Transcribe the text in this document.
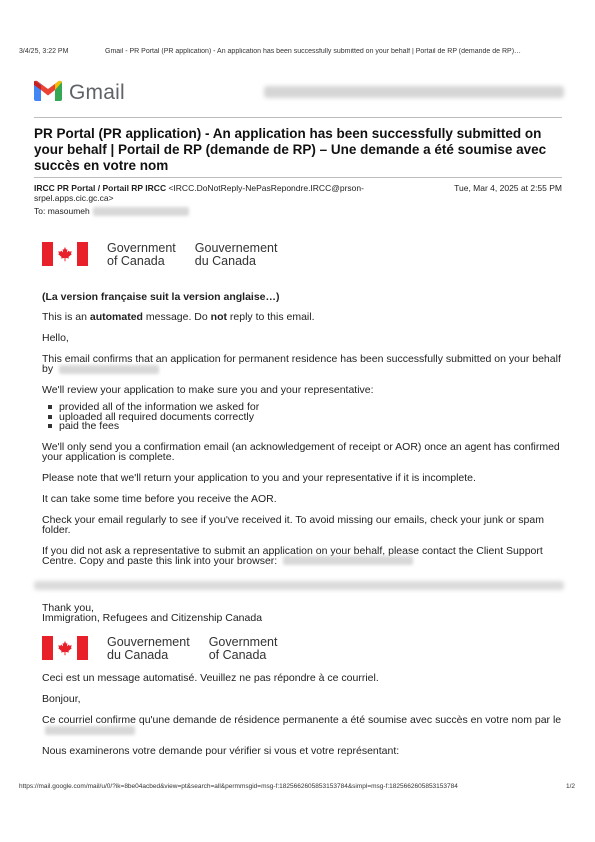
3/4/25, 3:22 PM	Gmail - PR Portal (PR application) - An application has been successfully submitted on your behalf | Portail de RP (demande de RP)…
Gmail
PR Portal (PR application) - An application has been successfully submitted on your behalf | Portail de RP (demande de RP) – Une demande a été soumise avec succès en votre nom
IRCC PR Portal / Portail RP IRCC <IRCC.DoNotReply-NePasRepondre.IRCC@prson-srpel.apps.cic.gc.ca>
Tue, Mar 4, 2025 at 2:55 PM
To:
masoumeh
Government
of Canada
Gouvernement
du Canada

(La version française suit la version anglaise…)

This is an automated message. Do not reply to this email.

Hello,

This email confirms that an application for permanent residence has been successfully submitted on your behalf by

We'll review your application to make sure you and your representative:

provided all of the information we asked for
uploaded all required documents correctly
paid the fees

We'll only send you a confirmation email (an acknowledgement of receipt or AOR) once an agent has confirmed your application is complete.

Please note that we'll return your application to you and your representative if it is incomplete.

It can take some time before you receive the AOR.

Check your email regularly to see if you've received it. To avoid missing our emails, check your junk or spam folder.

If you did not ask a representative to submit an application on your behalf, please contact the Client Support Centre. Copy and paste this link into your browser:

Thank you,

Immigration, Refugees and Citizenship Canada

Gouvernement
du Canada
Government
of Canada

Ceci est un message automatisé. Veuillez ne pas répondre à ce courriel.

Bonjour,

Ce courriel confirme qu'une demande de résidence permanente a été soumise avec succès en votre nom par le

Nous examinerons votre demande pour vérifier si vous et votre représentant:

https://mail.google.com/mail/u/0/?ik=8be04acbed&view=pt&search=all&permmsgid=msg-f:1825662605853153784&simpl=msg-f:1825662605853153784	1/2
